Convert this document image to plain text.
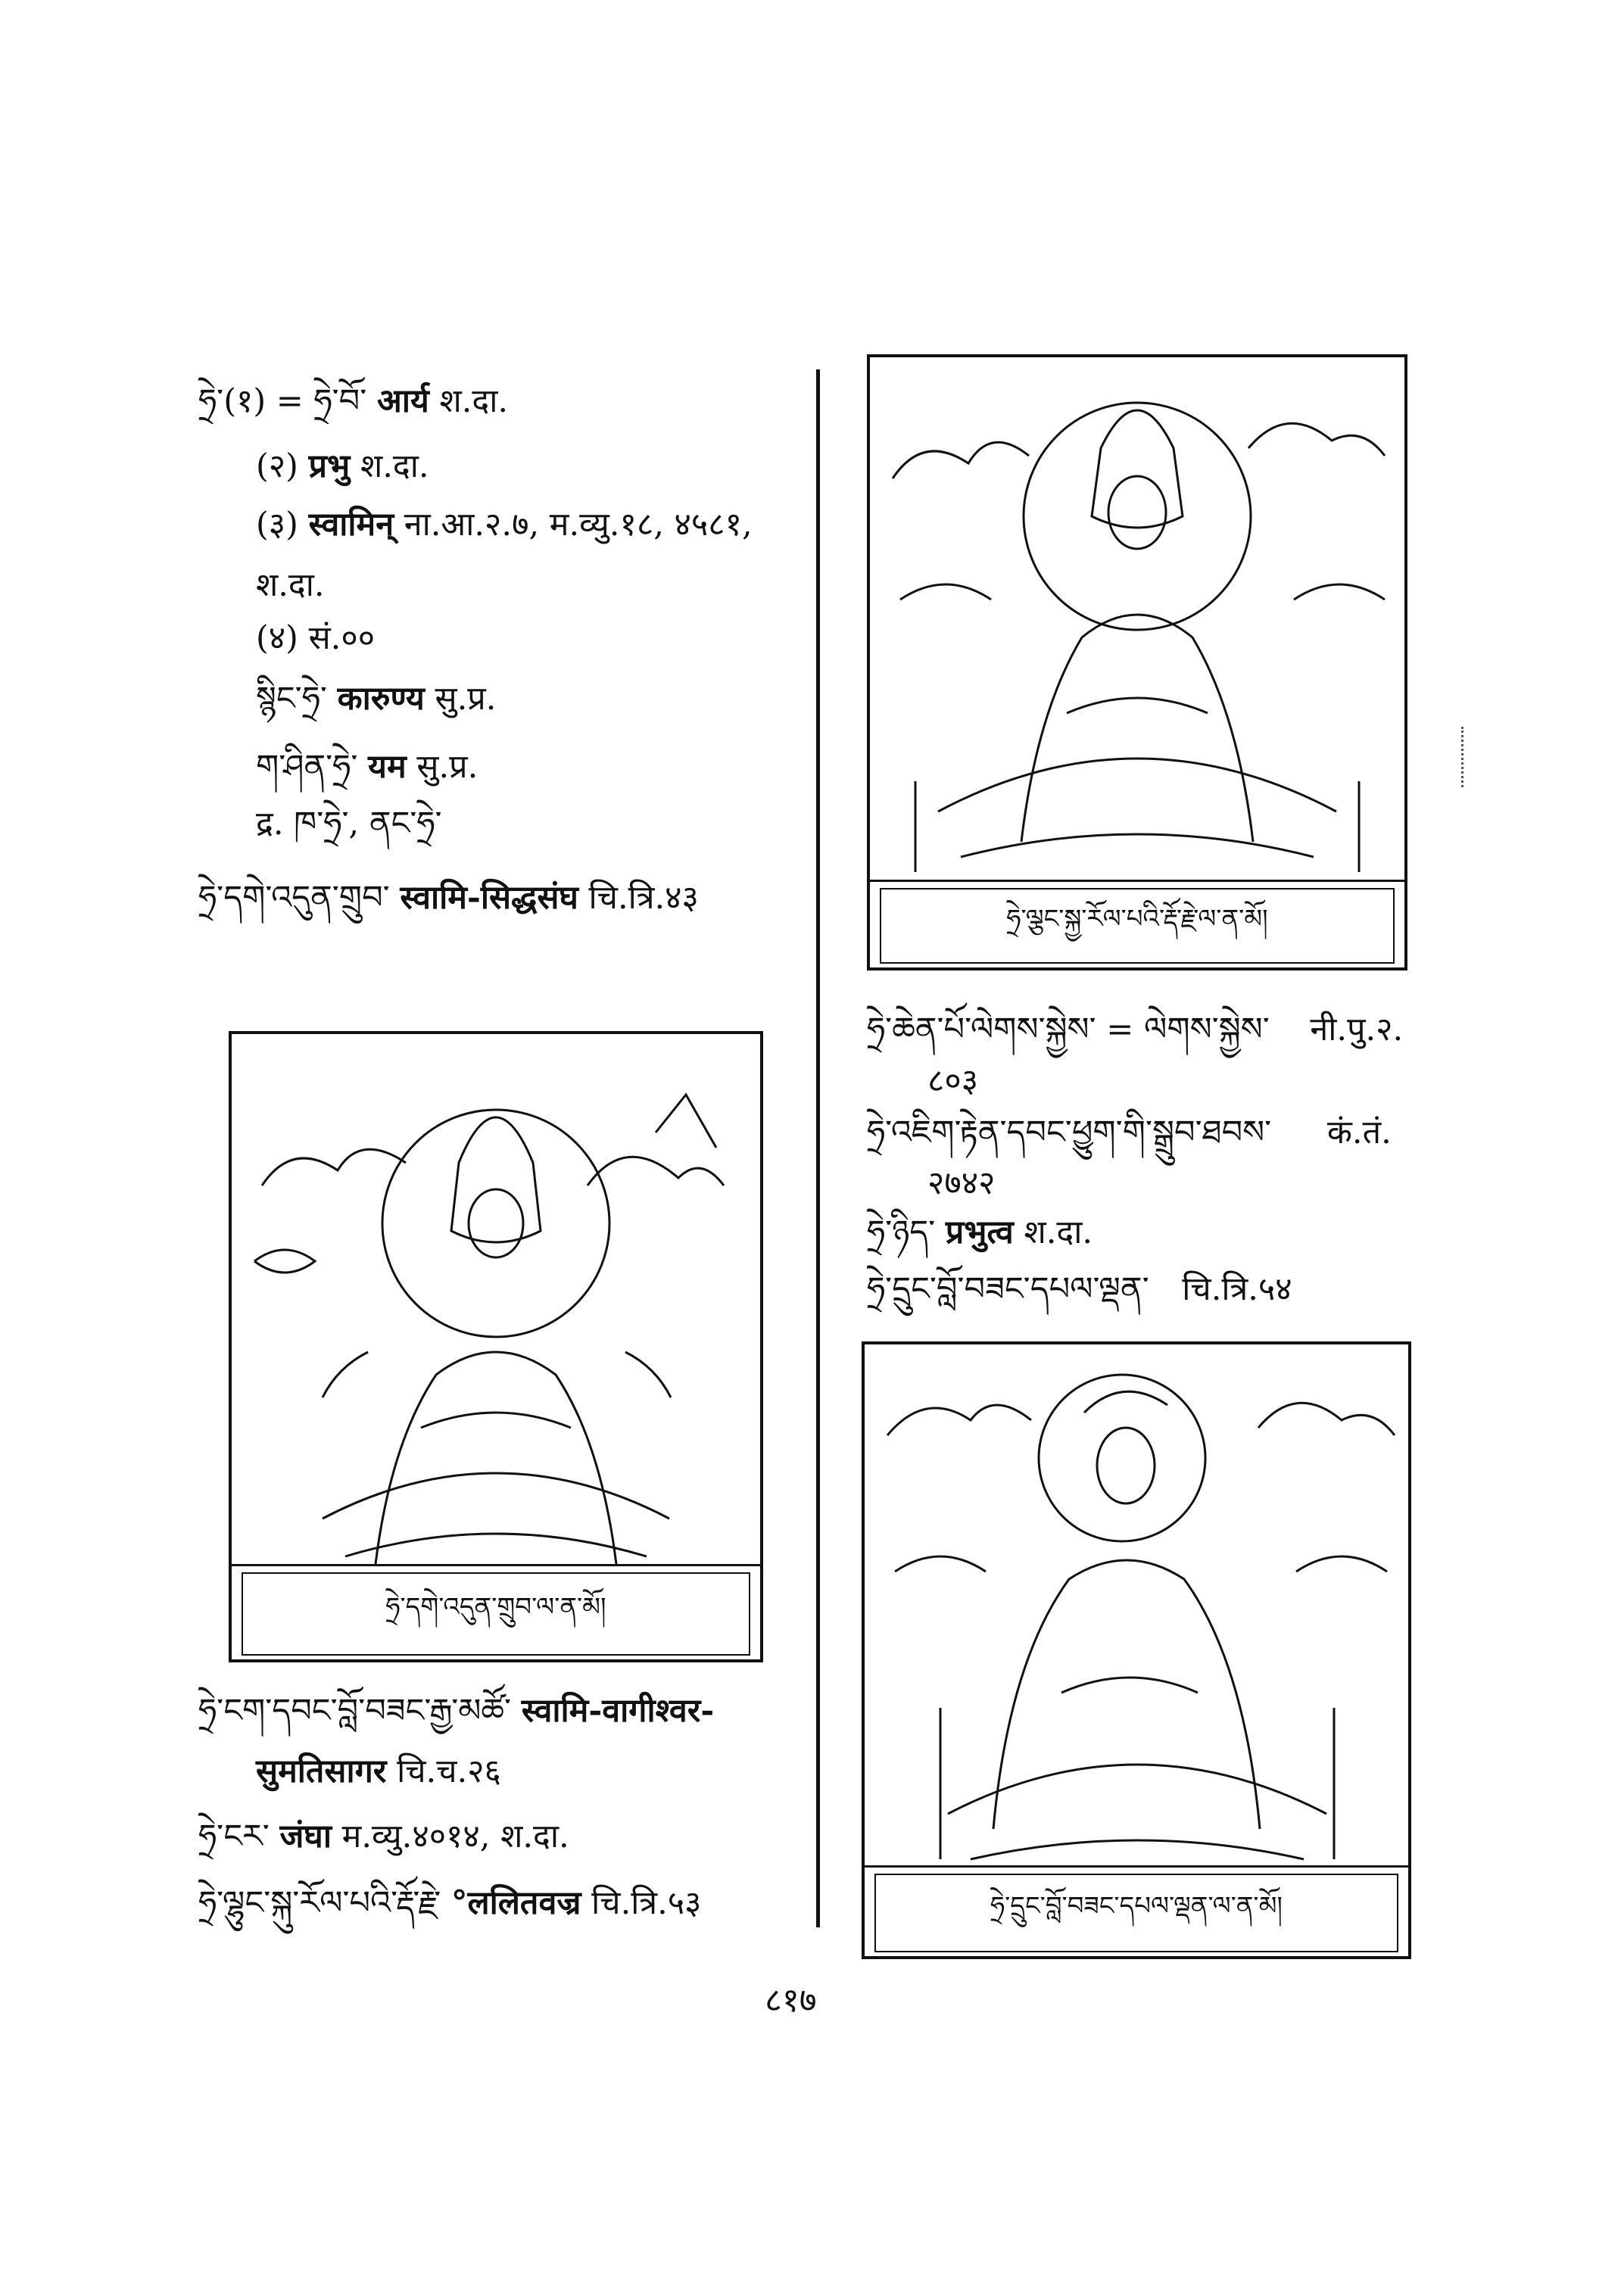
ཧྲེ་(१) = ཧྲེ་བོ་ आर्य श.दा.
(२) प्रभु श.दा.
(३) स्वामिन् ना.आ.२.७, म.व्यु.१८, ४५८१,
श.दा.
(४) सं.००
སྙིང་ཧྲེ་ कारुण्य सु.प्र.
ག་ཤིན་ཧྲེ་ यम सु.प्र.
द्र. ཁ་ཧྲེ་, ནང་ཧྲེ་
ཧྲེ་དགེ་འདུན་གྲུབ་ स्वामि-सिद्धसंघ चि.त्रि.४३
ཧྲེ་དགེ་འདུན་གྲུབ་ལ་ན་མོ།
ཧྲེ་ངག་དབང་བློ་བཟང་རྒྱ་མཚོ་ स्वामि-वागीश्वर-
सुमतिसागर चि.च.२६
ཧྲེ་ངར་ जंघा म.व्यु.४०१४, श.दा.
ཧྲེ་ལྷུང་སྐུ་རོལ་པའི་རྡོ་རྗེ་ °ललितवज्र चि.त्रि.५३
ཧྲེ་ལྕང་སྐྱ་རོལ་པའི་རྡོ་རྗེ་ལ་ན་མོ།
ཧྲེ་ཆེན་པོ་ལེགས་སྐྱེས་ = ལེགས་སྐྱེས་ नी.पु.२.
८०३
ཧྲེ་འཇིག་རྟེན་དབང་ཕྱུག་གི་སྒྲུབ་ཐབས་ कं.तं.
२७४२
ཧྲེ་ཉིད་ प्रभुत्व श.दा.
ཧྲེ་དྲུང་བློ་བཟང་དཔལ་ལྡན་ चि.त्रि.५४
ཧྲེ་དྲུང་བློ་བཟང་དཔལ་ལྡན་ལ་ན་མོ།
८१७
